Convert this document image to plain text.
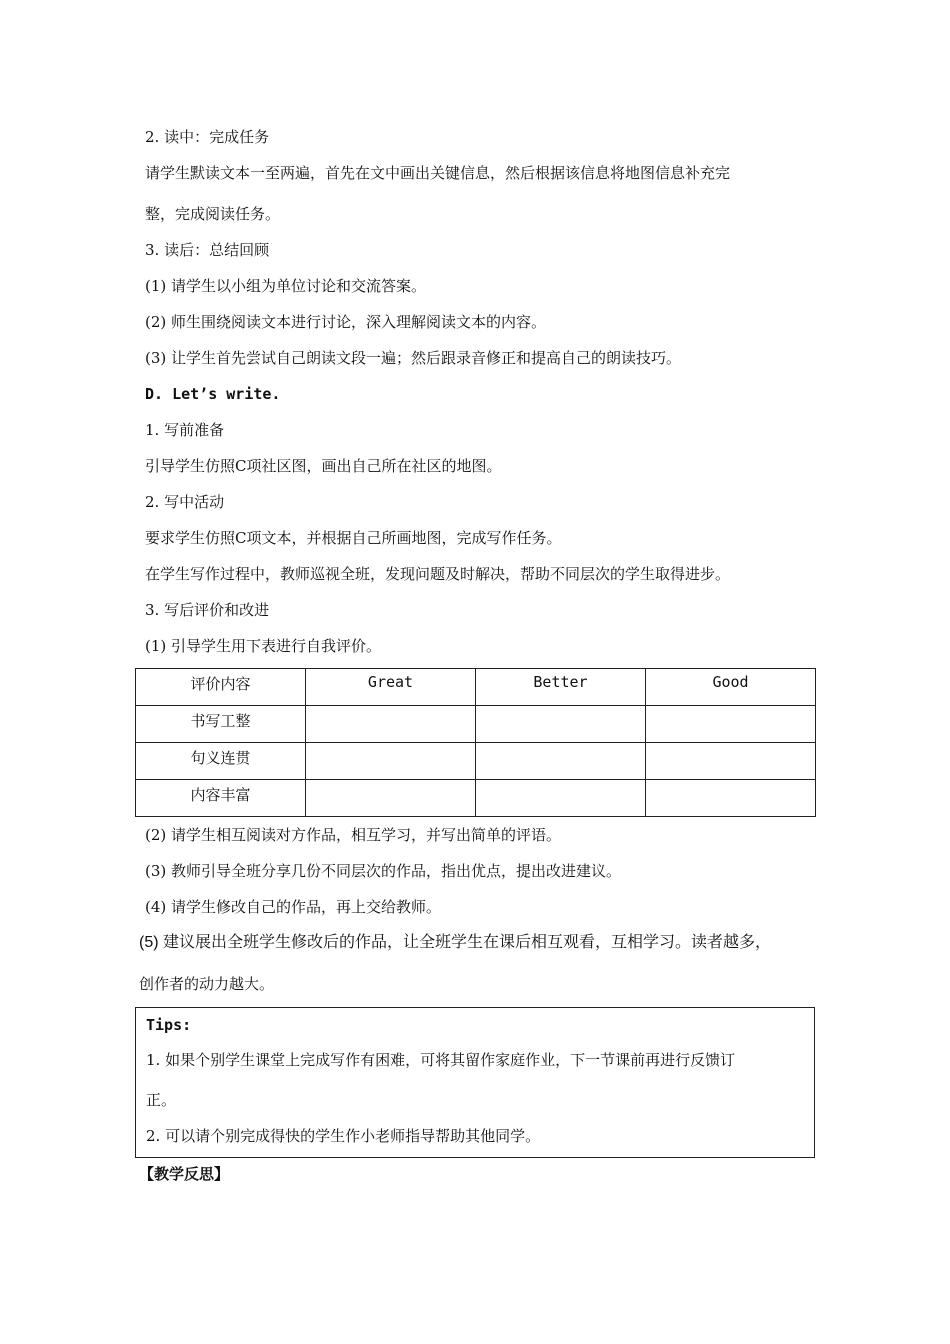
2. 读中：完成任务
请学生默读文本一至两遍，首先在文中画出关键信息，然后根据该信息将地图信息补充完
整，完成阅读任务。
3. 读后：总结回顾
(1) 请学生以小组为单位讨论和交流答案。
(2) 师生围绕阅读文本进行讨论，深入理解阅读文本的内容。
(3) 让学生首先尝试自己朗读文段一遍；然后跟录音修正和提高自己的朗读技巧。
D. Let’s write.
1. 写前准备
引导学生仿照C项社区图，画出自己所在社区的地图。
2. 写中活动
要求学生仿照C项文本，并根据自己所画地图，完成写作任务。
在学生写作过程中，教师巡视全班，发现问题及时解决，帮助不同层次的学生取得进步。
3. 写后评价和改进
(1) 引导学生用下表进行自我评价。
评价内容	Great	Better	Good
书写工整			
句义连贯			
内容丰富			
(2) 请学生相互阅读对方作品，相互学习，并写出简单的评语。
(3) 教师引导全班分享几份不同层次的作品，指出优点，提出改进建议。
(4) 请学生修改自己的作品，再上交给教师。
(5) 建议展出全班学生修改后的作品，让全班学生在课后相互观看，互相学习。读者越多，
创作者的动力越大。
Tips:
1. 如果个别学生课堂上完成写作有困难，可将其留作家庭作业，下一节课前再进行反馈订
正。
2. 可以请个别完成得快的学生作小老师指导帮助其他同学。
【教学反思】
